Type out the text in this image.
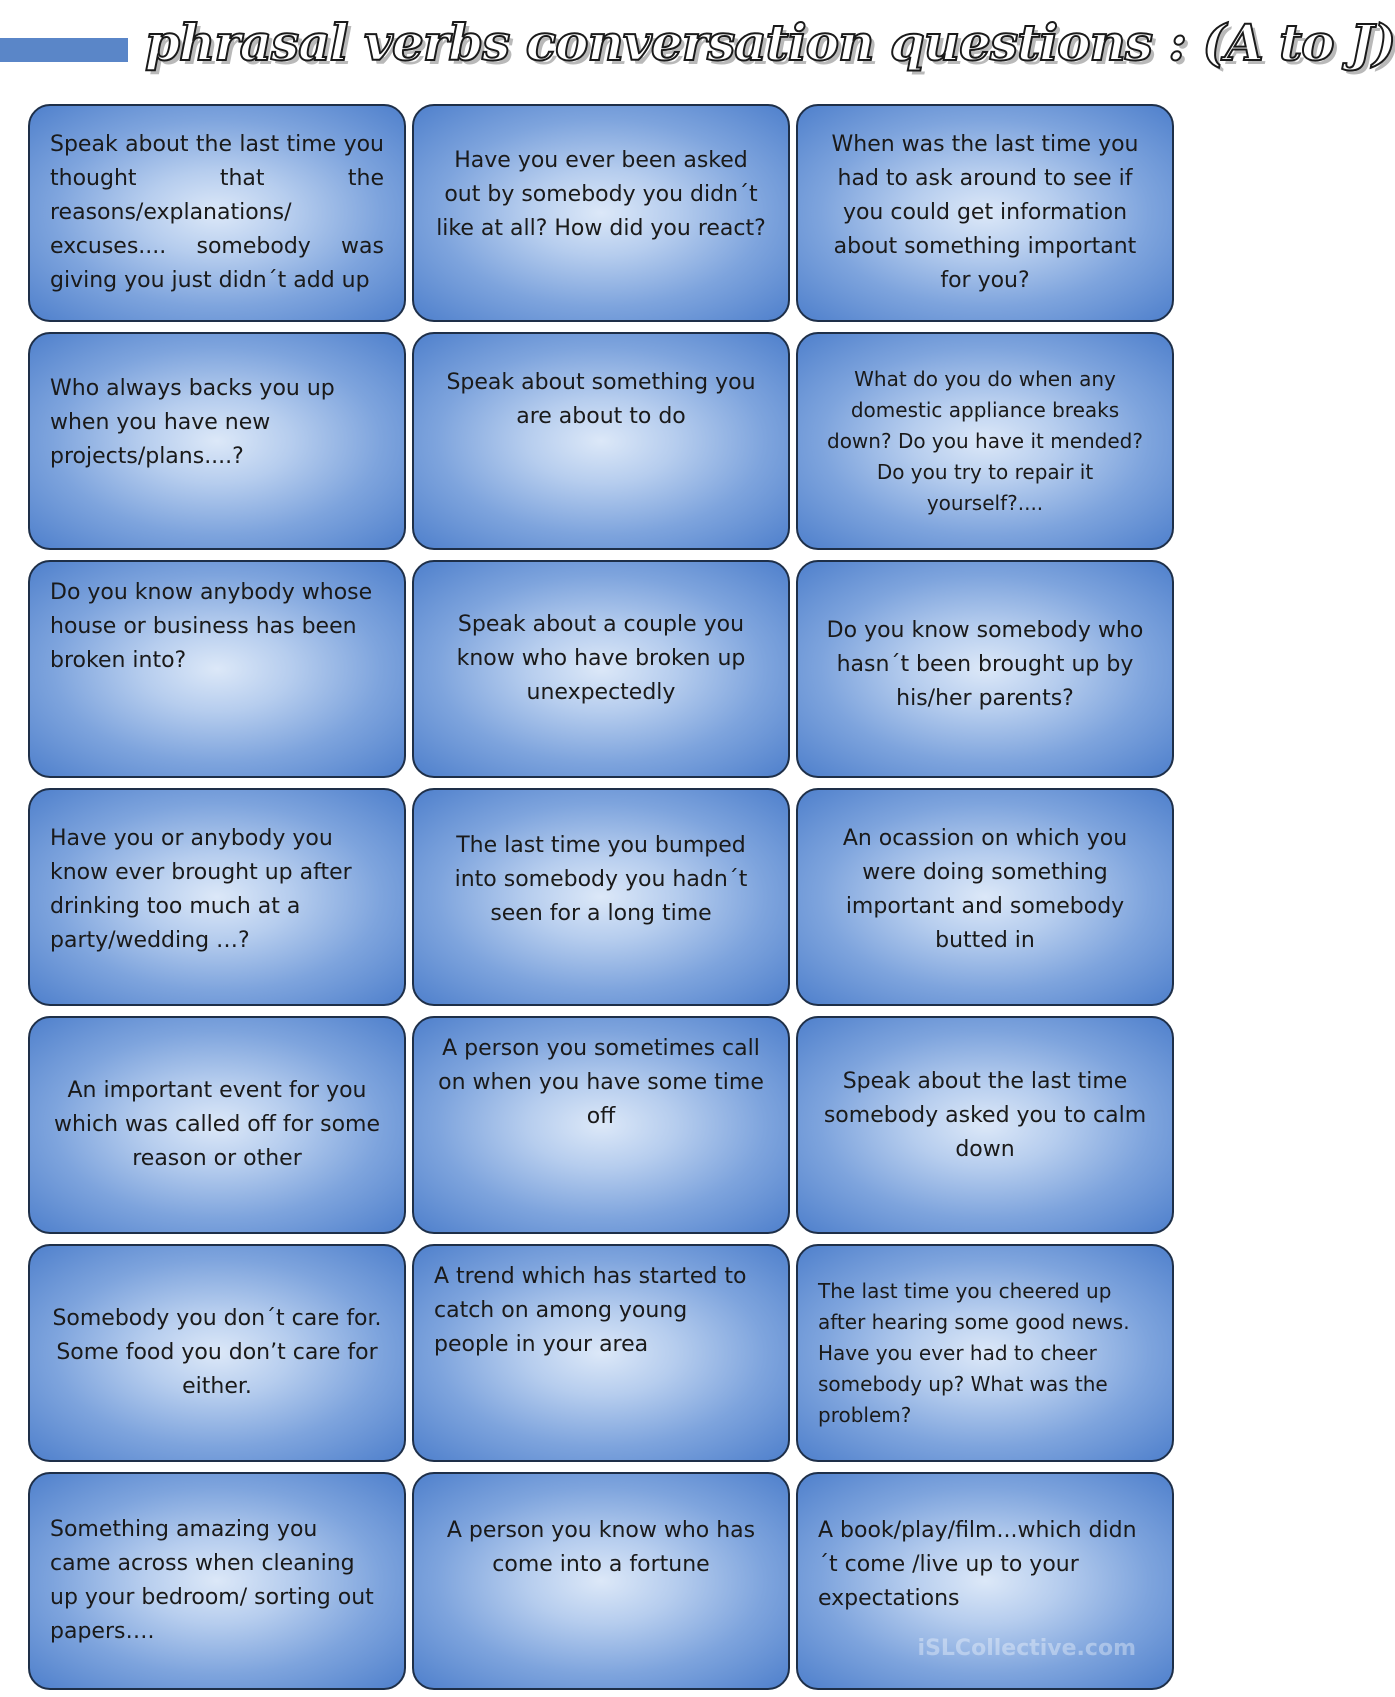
phrasal verbs conversation questions : (A to J)
Speak about the last time you thought that the reasons/explanations/ excuses.... somebody was giving you just didn´t add up
Have you ever been asked out by somebody you didn´t like at all? How did you react?
When was the last time you had to ask around to see if you could get information about something important for you?
Who always backs you up when you have new projects/plans....?
Speak about something you are about to do
What do you do when any domestic appliance breaks down? Do you have it mended? Do you try to repair it yourself?....
Do you know anybody whose house or business has been broken into?
Speak about a couple you know who have broken up unexpectedly
Do you know somebody who hasn´t been brought up by his/her parents?
Have you or anybody you know ever brought up after drinking too much at a party/wedding …?
The last time you bumped into somebody you hadn´t seen for a long time
An ocassion on which you were doing something important and somebody butted in
An important event for you which was called off for some reason or other
A person you sometimes call on when you have some time off
Speak about the last time somebody asked you to calm down
Somebody you don´t care for.
Some food you don’t care for either.
A trend which has started to catch on among young people in your area
The last time you cheered up after hearing some good news. Have you ever had to cheer somebody up? What was the problem?
Something amazing you came across when cleaning up your bedroom/ sorting out papers….
A person you know who has come into a fortune
A book/play/film...which didn´t come /live up to your expectations
iSLCollective.com
